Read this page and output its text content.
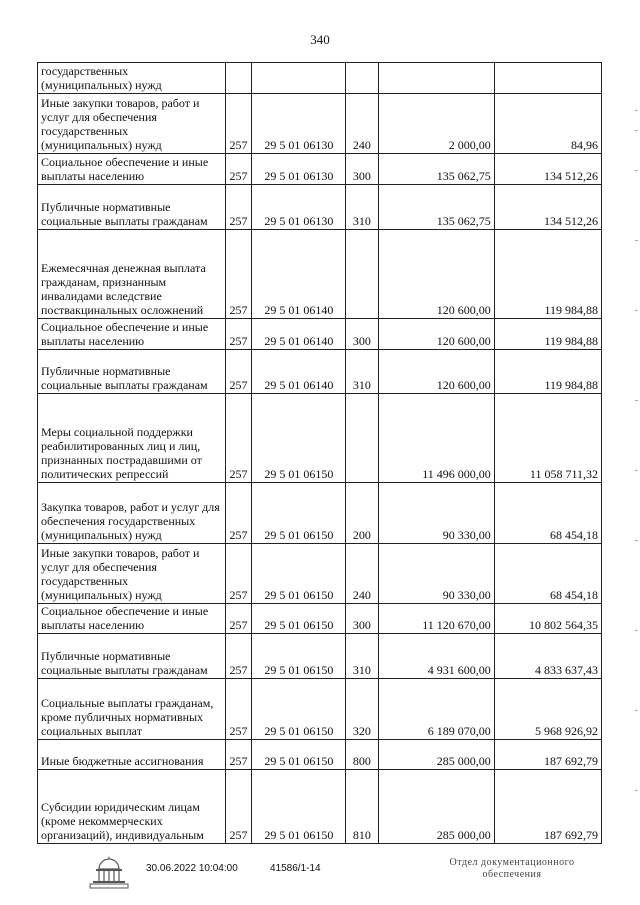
340
государственных (муниципальных) нужд					
Иные закупки товаров, работ и услуг для обеспечения государственных (муниципальных) нужд	257	29 5 01 06130	240	2 000,00	84,96
Социальное обеспечение и иные выплаты населению	257	29 5 01 06130	300	135 062,75	134 512,26
Публичные нормативные социальные выплаты гражданам	257	29 5 01 06130	310	135 062,75	134 512,26
Ежемесячная денежная выплата гражданам, признанным инвалидами вследствие поствакцинальных осложнений	257	29 5 01 06140		120 600,00	119 984,88
Социальное обеспечение и иные выплаты населению	257	29 5 01 06140	300	120 600,00	119 984,88
Публичные нормативные социальные выплаты гражданам	257	29 5 01 06140	310	120 600,00	119 984,88
Меры социальной поддержки реабилитированных лиц и лиц, признанных пострадавшими от политических репрессий	257	29 5 01 06150		11 496 000,00	11 058 711,32
Закупка товаров, работ и услуг для обеспечения государственных (муниципальных) нужд	257	29 5 01 06150	200	90 330,00	68 454,18
Иные закупки товаров, работ и услуг для обеспечения государственных (муниципальных) нужд	257	29 5 01 06150	240	90 330,00	68 454,18
Социальное обеспечение и иные выплаты населению	257	29 5 01 06150	300	11 120 670,00	10 802 564,35
Публичные нормативные социальные выплаты гражданам	257	29 5 01 06150	310	4 931 600,00	4 833 637,43
Социальные выплаты гражданам, кроме публичных нормативных социальных выплат	257	29 5 01 06150	320	6 189 070,00	5 968 926,92
Иные бюджетные ассигнования	257	29 5 01 06150	800	285 000,00	187 692,79
Субсидии юридическим лицам (кроме некоммерческих организаций), индивидуальным	257	29 5 01 06150	810	285 000,00	187 692,79
30.06.2022 10:04:00	41586/1-14
Отдел документационного обеспечения
